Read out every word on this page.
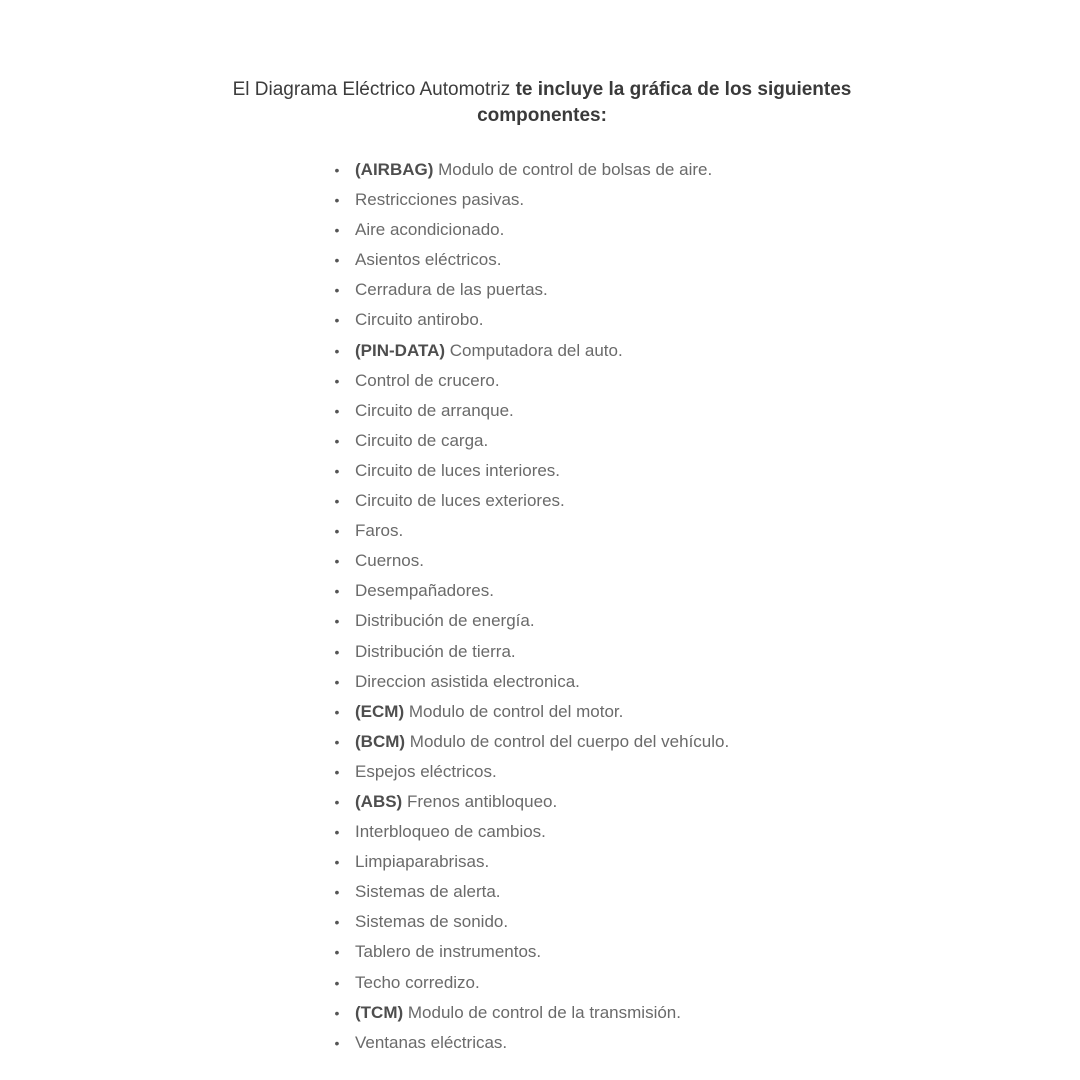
El Diagrama Eléctrico Automotriz te incluye la gráfica de los siguientes componentes:
• (AIRBAG) Modulo de control de bolsas de aire.
• Restricciones pasivas.
• Aire acondicionado.
• Asientos eléctricos.
• Cerradura de las puertas.
• Circuito antirobo.
• (PIN-DATA) Computadora del auto.
• Control de crucero.
• Circuito de arranque.
• Circuito de carga.
• Circuito de luces interiores.
• Circuito de luces exteriores.
• Faros.
• Cuernos.
• Desempañadores.
• Distribución de energía.
• Distribución de tierra.
• Direccion asistida electronica.
• (ECM) Modulo de control del motor.
• (BCM) Modulo de control del cuerpo del vehículo.
• Espejos eléctricos.
• (ABS) Frenos antibloqueo.
• Interbloqueo de cambios.
• Limpiaparabrisas.
• Sistemas de alerta.
• Sistemas de sonido.
• Tablero de instrumentos.
• Techo corredizo.
• (TCM) Modulo de control de la transmisión.
• Ventanas eléctricas.
